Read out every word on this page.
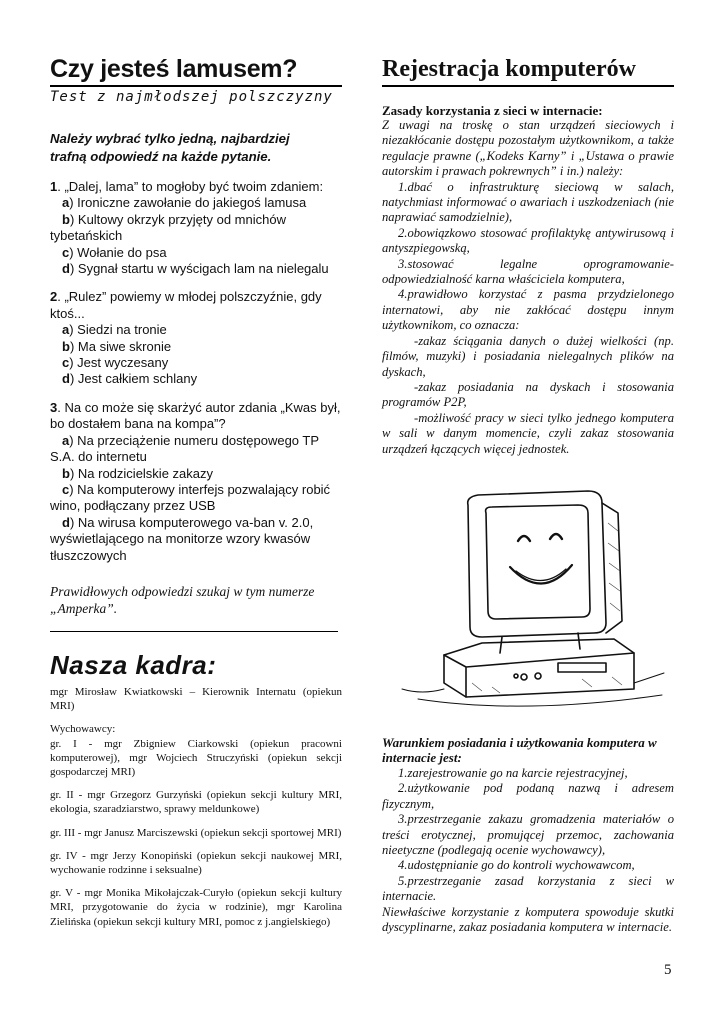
Czy jesteś lamusem?
Test z najmłodszej polszczyzny
Należy wybrać tylko jedną, najbardziej trafną odpowiedź na każde pytanie.

1. „Dalej, lama” to mogłoby być twoim zdaniem:

a) Ironiczne zawołanie do jakiegoś lamusa

b) Kultowy okrzyk przyjęty od mnichów tybetańskich

c) Wołanie do psa

d) Sygnał startu w wyścigach lam na nielegalu

2. „Rulez” powiemy w młodej polszczyźnie, gdy ktoś...

a) Siedzi na tronie

b) Ma siwe skronie

c) Jest wyczesany

d) Jest całkiem schlany

3. Na co może się skarżyć autor zdania „Kwas był, bo dostałem bana na kompa”?

a) Na przeciążenie numeru dostępowego TP S.A. do internetu

b) Na rodzicielskie zakazy

c) Na komputerowy interfejs pozwalający robić wino, podłączany przez USB

d) Na wirusa komputerowego va-ban v. 2.0, wyświetlającego na monitorze wzory kwasów tłuszczowych

Prawidłowych odpowiedzi szukaj w tym numerze „Amperka”.
Nasza kadra:

mgr Mirosław Kwiatkowski – Kierownik Internatu (opiekun MRI)

Wychowawcy:
gr. I - mgr Zbigniew Ciarkowski (opiekun pracowni komputerowej), mgr Wojciech Struczyński (opiekun sekcji gospodarczej MRI)

gr. II - mgr Grzegorz Gurzyński (opiekun sekcji kultury MRI, ekologia, szaradziarstwo, sprawy meldunkowe)

gr. III - mgr Janusz Marciszewski (opiekun sekcji sportowej MRI)

gr. IV - mgr Jerzy Konopiński (opiekun sekcji naukowej MRI, wychowanie rodzinne i seksualne)

gr. V - mgr Monika Mikołajczak-Curyło (opiekun sekcji kultury MRI, przygotowanie do życia w rodzinie), mgr Karolina Zielińska (opiekun sekcji kultury MRI, pomoc z j.angielskiego)

Rejestracja komputerów
Zasady korzystania z sieci w internacie:

Z uwagi na troskę o stan urządzeń sieciowych i niezakłócanie dostępu pozostałym użytkownikom, a także regulacje prawne („Kodeks Karny” i „Ustawa o prawie autorskim i prawach pokrewnych” i in.) należy:

1.dbać o infrastrukturę sieciową w salach, natychmiast informować o awariach i uszkodzeniach (nie naprawiać samodzielnie),

2.obowiązkowo stosować profilaktykę antywirusową i antyszpiegowską,

3.stosować legalne oprogramowanie-odpowiedzialność karna właściciela komputera,

4.prawidłowo korzystać z pasma przydzielonego internatowi, aby nie zakłócać dostępu innym użytkownikom, co oznacza:

-zakaz ściągania danych o dużej wielkości (np. filmów, muzyki) i posiadania nielegalnych plików na dyskach,

-zakaz posiadania na dyskach i stosowania programów P2P,

-możliwość pracy w sieci tylko jednego komputera w sali w danym momencie, czyli zakaz stosowania urządzeń łączących więcej jednostek.

Warunkiem posiadania i użytkowania komputera w internacie jest:

1.zarejestrowanie go na karcie rejestracyjnej,

2.użytkowanie pod podaną nazwą i adresem fizycznym,

3.przestrzeganie zakazu gromadzenia materiałów o treści erotycznej, promującej przemoc, zachowania nieetyczne (podlegają ocenie wychowawcy),

4.udostępnianie go do kontroli wychowawcom,

5.przestrzeganie zasad korzystania z sieci w internacie.

Niewłaściwe korzystanie z komputera spowoduje skutki dyscyplinarne, zakaz posiadania komputera w internacie.

5
